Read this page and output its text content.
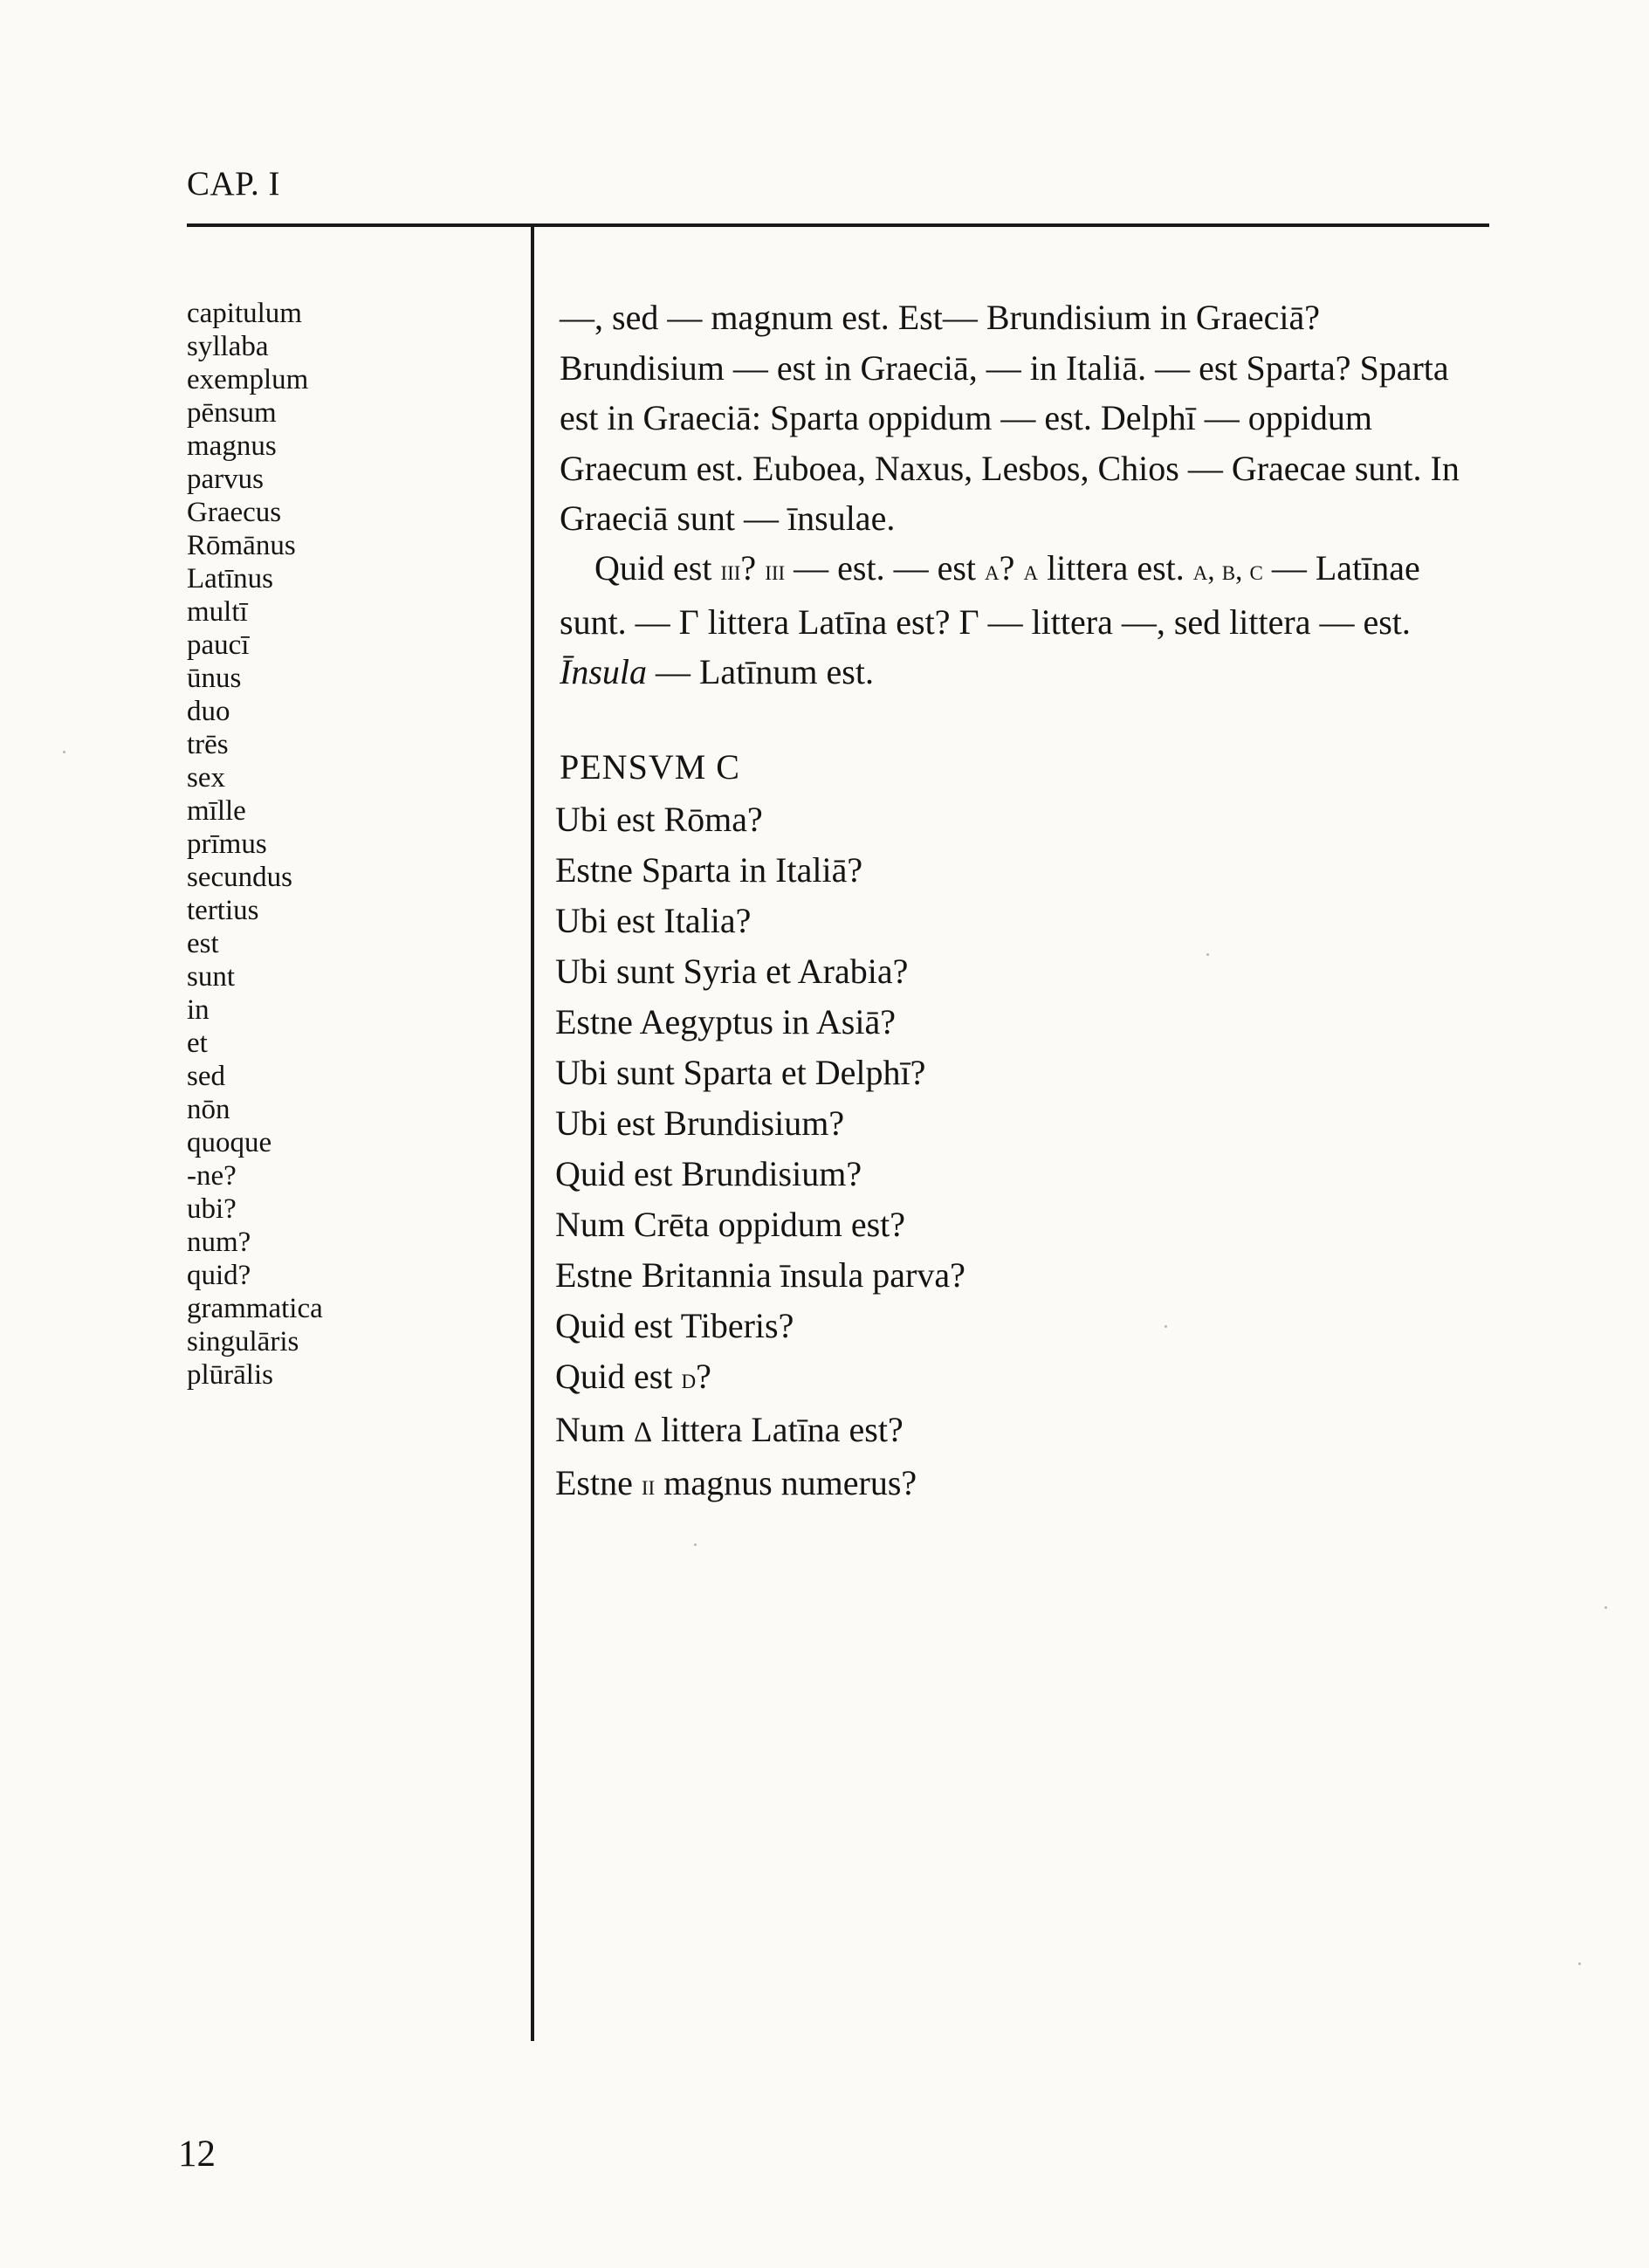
CAP. I
capitulum
syllaba
exemplum
pēnsum
magnus
parvus
Graecus
Rōmānus
Latīnus
multī
paucī
ūnus
duo
trēs
sex
mīlle
prīmus
secundus
tertius
est
sunt
in
et
sed
nōn
quoque
-ne?
ubi?
num?
quid?
grammatica
singulāris
plūrālis

—, sed — magnum est. Est— Brundisium in Graeciā? Brundisium — est in Graeciā, — in Italiā. — est Sparta? Sparta est in Graeciā: Sparta oppidum — est. Delphī — oppidum Graecum est. Euboea, Naxus, Lesbos, Chios — Graecae sunt. In Graeciā sunt — īnsulae.

Quid est iii? iii — est. — est a? a littera est. a, b, c — Latīnae sunt. — Γ littera Latīna est? Γ — littera —, sed littera — est. Īnsula — Latīnum est.

PENSVM C
Ubi est Rōma?
Estne Sparta in Italiā?
Ubi est Italia?
Ubi sunt Syria et Arabia?
Estne Aegyptus in Asiā?
Ubi sunt Sparta et Delphī?
Ubi est Brundisium?
Quid est Brundisium?
Num Crēta oppidum est?
Estne Britannia īnsula parva?
Quid est Tiberis?
Quid est d?
Num Δ littera Latīna est?
Estne ii magnus numerus?
12
